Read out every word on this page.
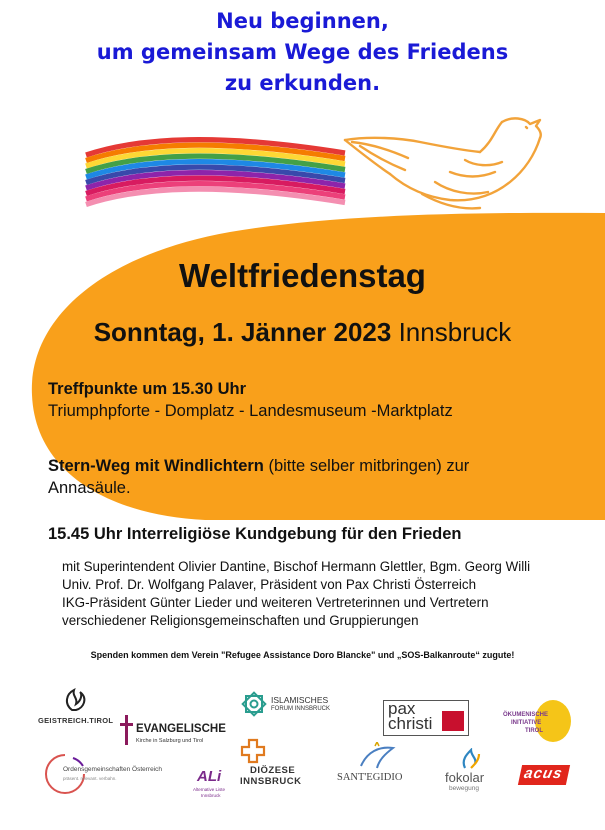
Neu beginnen,
um gemeinsam Wege des Friedens
zu erkunden.
Weltfriedenstag
Sonntag, 1. Jänner 2023 Innsbruck
Treffpunkte um 15.30 Uhr
Triumphpforte - Domplatz - Landesmuseum -Marktplatz
Stern-Weg mit Windlichtern (bitte selber mitbringen) zur
Annasäule.
15.45 Uhr Interreligiöse Kundgebung für den Frieden
mit Superintendent Olivier Dantine, Bischof Hermann Glettler, Bgm. Georg Willi
Univ. Prof. Dr. Wolfgang Palaver, Präsident von Pax Christi Österreich
IKG-Präsident Günter Lieder und weiteren Vertreterinnen und Vertretern
verschiedener Religionsgemeinschaften und Gruppierungen
Spenden kommen dem Verein "Refugee Assistance Doro Blancke" und „SOS-Balkanroute“ zugute!
GEISTREICH.TIROL
EVANGELISCHE
Kirche in Salzburg und Tirol
ISLAMISCHES
FORUM INNSBRUCK	pax
christi	ÖKUMENISCHE
INITIATIVE
TIROL
Ordensgemeinschaften Österreich
präsent. relevant. verbahn.	ALi
Alternative Liste
Innsbruck
DIÖZESE
INNSBRUCK	SANT'EGIDIO	fokolar
bewegung
acus
